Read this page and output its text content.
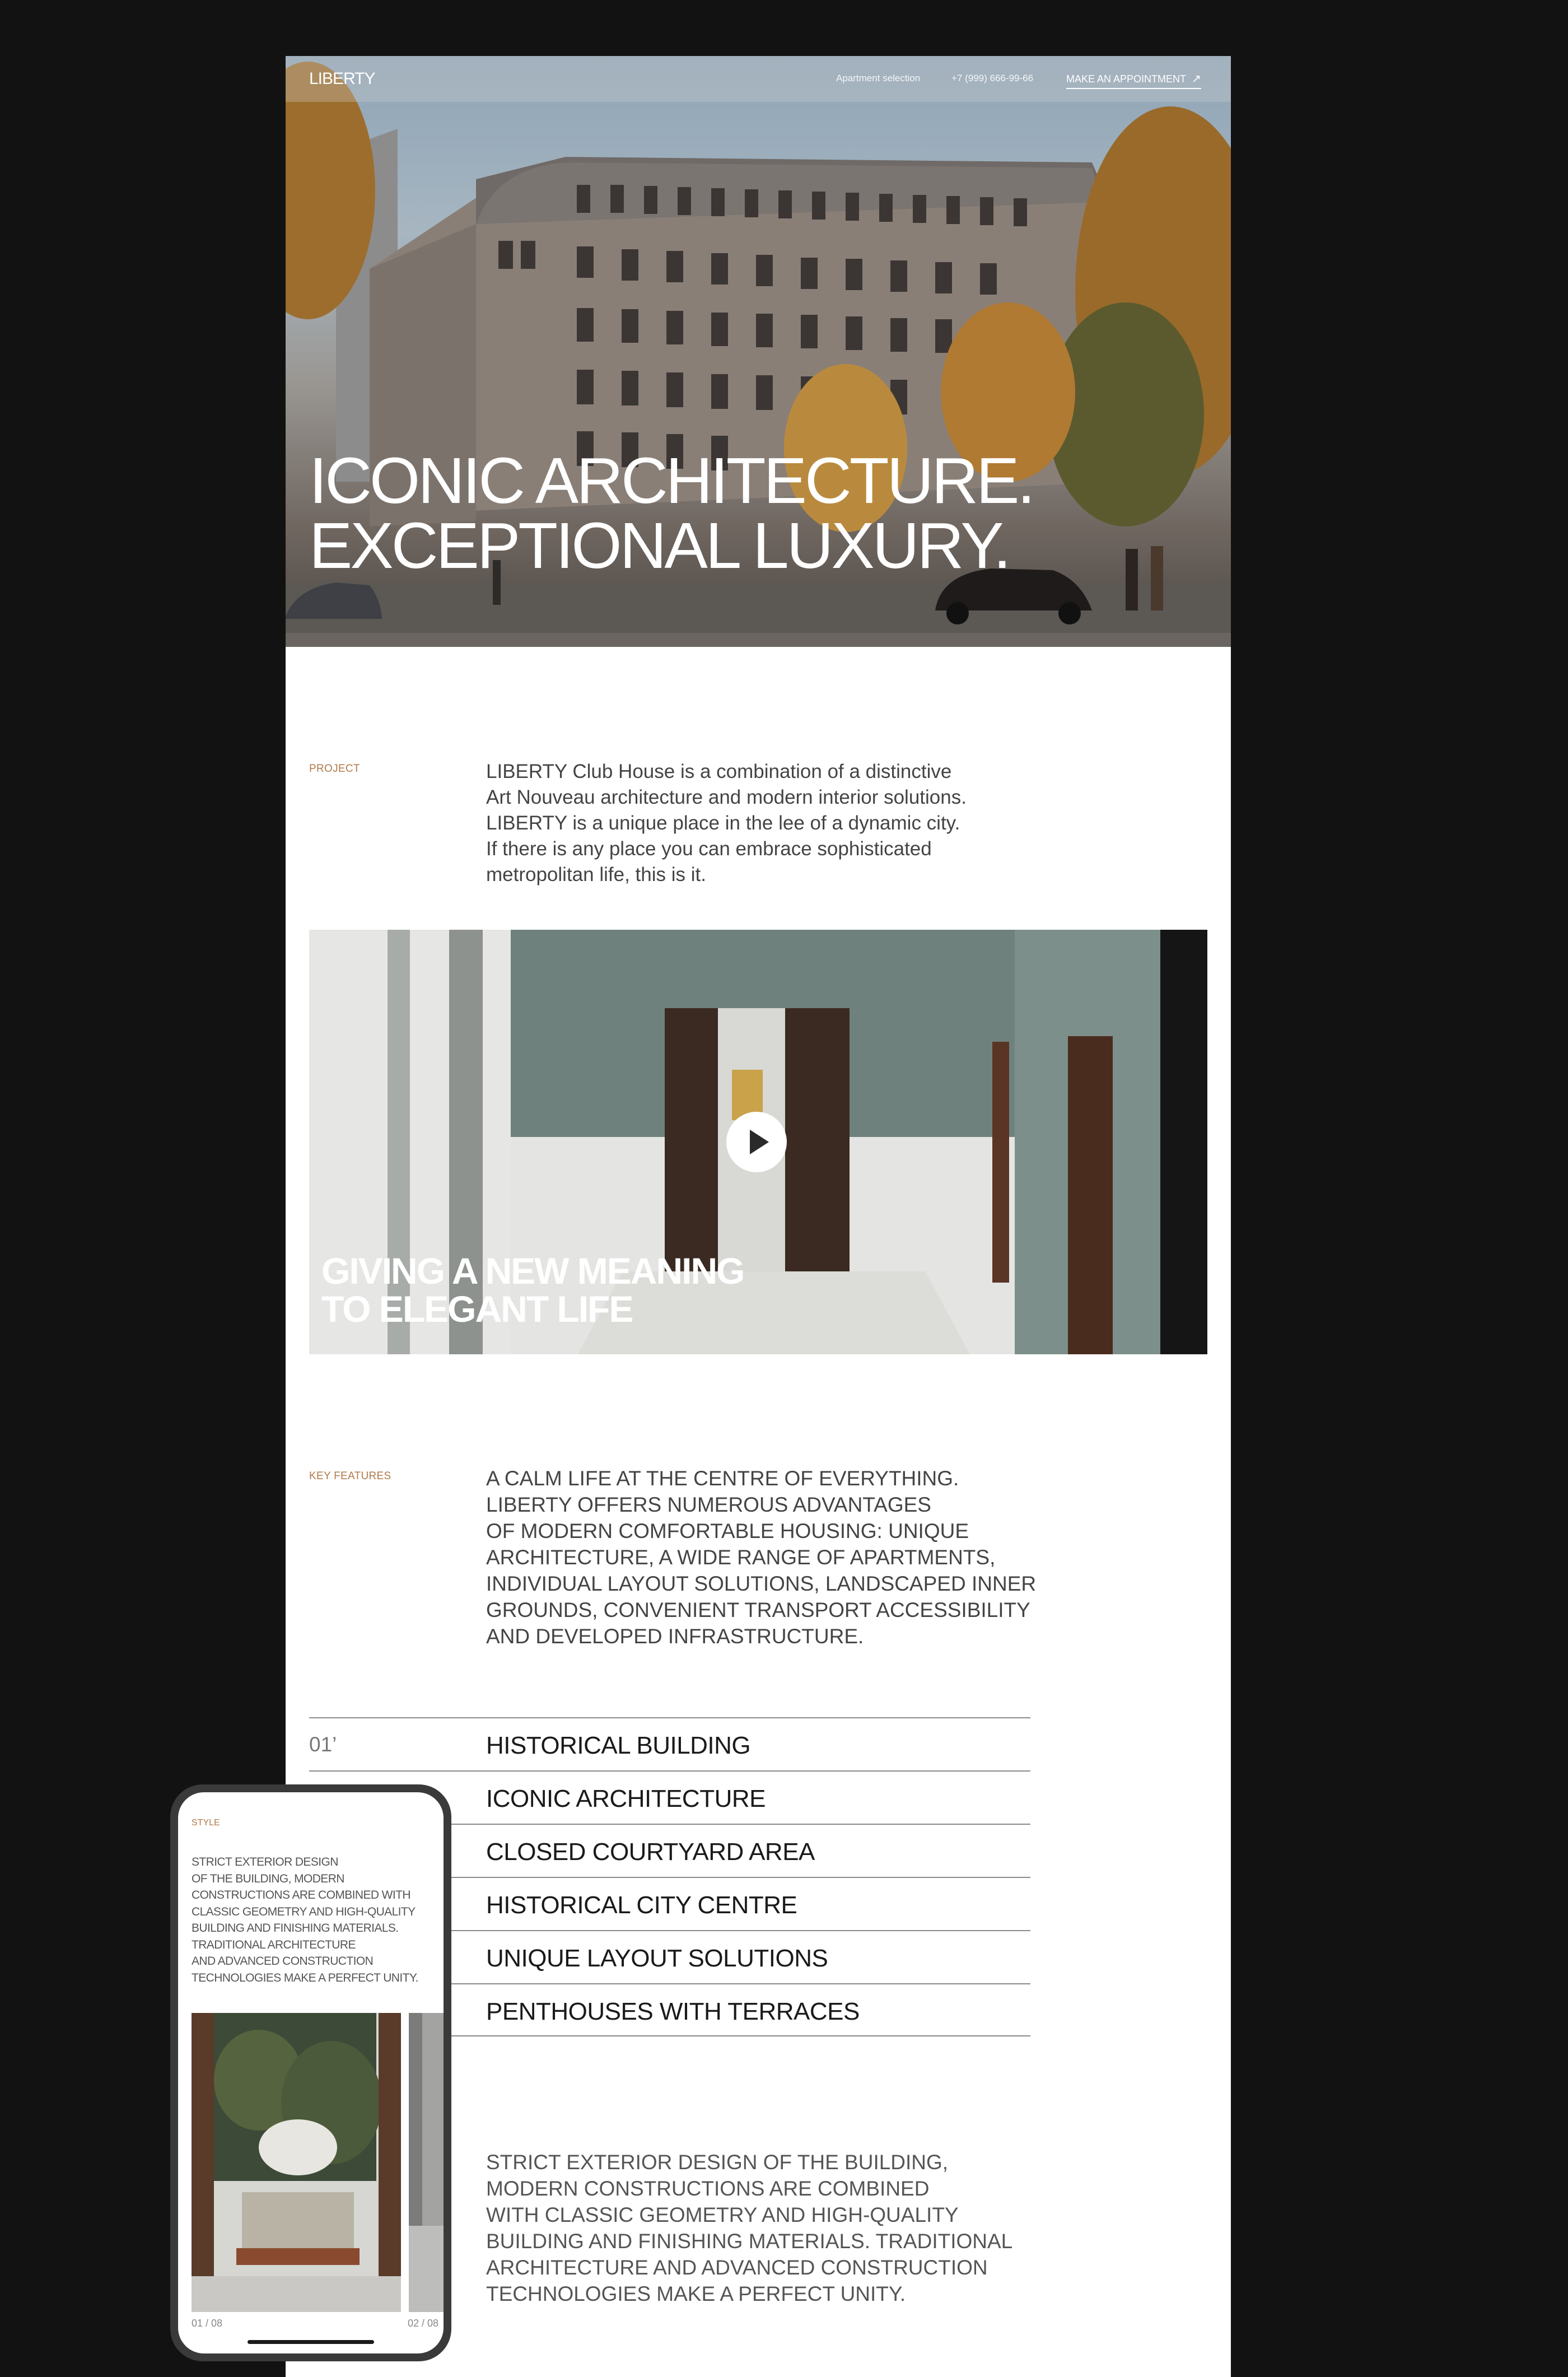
LIBERTY	Apartment selection	+7 (999) 666-99-66	MAKE AN APPOINTMENT ↗
ICONIC ARCHITECTURE.
EXCEPTIONAL LUXURY.
PROJECT	LIBERTY Club House is a combination of a distinctive
Art Nouveau architecture and modern interior solutions.
LIBERTY is a unique place in the lee of a dynamic city.
If there is any place you can embrace sophisticated
metropolitan life, this is it.
GIVING A NEW MEANING
TO ELEGANT LIFE
KEY FEATURES	A CALM LIFE AT THE CENTRE OF EVERYTHING.
LIBERTY OFFERS NUMEROUS ADVANTAGES
OF MODERN COMFORTABLE HOUSING: UNIQUE
ARCHITECTURE, A WIDE RANGE OF APARTMENTS,
INDIVIDUAL LAYOUT SOLUTIONS, LANDSCAPED INNER
GROUNDS, CONVENIENT TRANSPORT ACCESSIBILITY
AND DEVELOPED INFRASTRUCTURE.
01’	HISTORICAL BUILDING
ICONIC ARCHITECTURE
CLOSED COURTYARD AREA
HISTORICAL CITY CENTRE
UNIQUE LAYOUT SOLUTIONS
PENTHOUSES WITH TERRACES
STRICT EXTERIOR DESIGN OF THE BUILDING,
MODERN CONSTRUCTIONS ARE COMBINED
WITH CLASSIC GEOMETRY AND HIGH-QUALITY
BUILDING AND FINISHING MATERIALS. TRADITIONAL
ARCHITECTURE AND ADVANCED CONSTRUCTION
TECHNOLOGIES MAKE A PERFECT UNITY.
STYLE
STRICT EXTERIOR DESIGN
OF THE BUILDING, MODERN
CONSTRUCTIONS ARE COMBINED WITH
CLASSIC GEOMETRY AND HIGH-QUALITY
BUILDING AND FINISHING MATERIALS.
TRADITIONAL ARCHITECTURE
AND ADVANCED CONSTRUCTION
TECHNOLOGIES MAKE A PERFECT UNITY.
01 / 08	02 / 08
